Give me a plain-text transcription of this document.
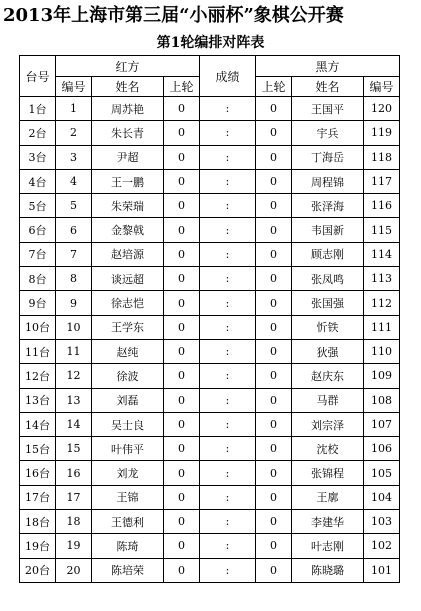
2013年上海市第三届“小丽杯”象棋公开赛
第1轮编排对阵表
台号	红方			成绩	黑方		
	编号	姓名	上轮		上轮	姓名	编号
1台	1	周苏艳	0	:	0	王国平	120
2台	2	朱长青	0	:	0	宇兵	119
3台	3	尹超	0	:	0	丁海岳	118
4台	4	王一鹏	0	:	0	周程锦	117
5台	5	朱荣瑞	0	:	0	张泽海	116
6台	6	金黎戟	0	:	0	韦国新	115
7台	7	赵培源	0	:	0	顾志刚	114
8台	8	谈远超	0	:	0	张凤鸣	113
9台	9	徐志恺	0	:	0	张国强	112
10台	10	王学东	0	:	0	忻铁	111
11台	11	赵纯	0	:	0	狄强	110
12台	12	徐波	0	:	0	赵庆东	109
13台	13	刘磊	0	:	0	马群	108
14台	14	吴士良	0	:	0	刘宗泽	107
15台	15	叶伟平	0	:	0	沈校	106
16台	16	刘龙	0	:	0	张锦程	105
17台	17	王锦	0	:	0	王廓	104
18台	18	王德利	0	:	0	李建华	103
19台	19	陈琦	0	:	0	叶志刚	102
20台	20	陈培荣	0	:	0	陈晓璐	101
